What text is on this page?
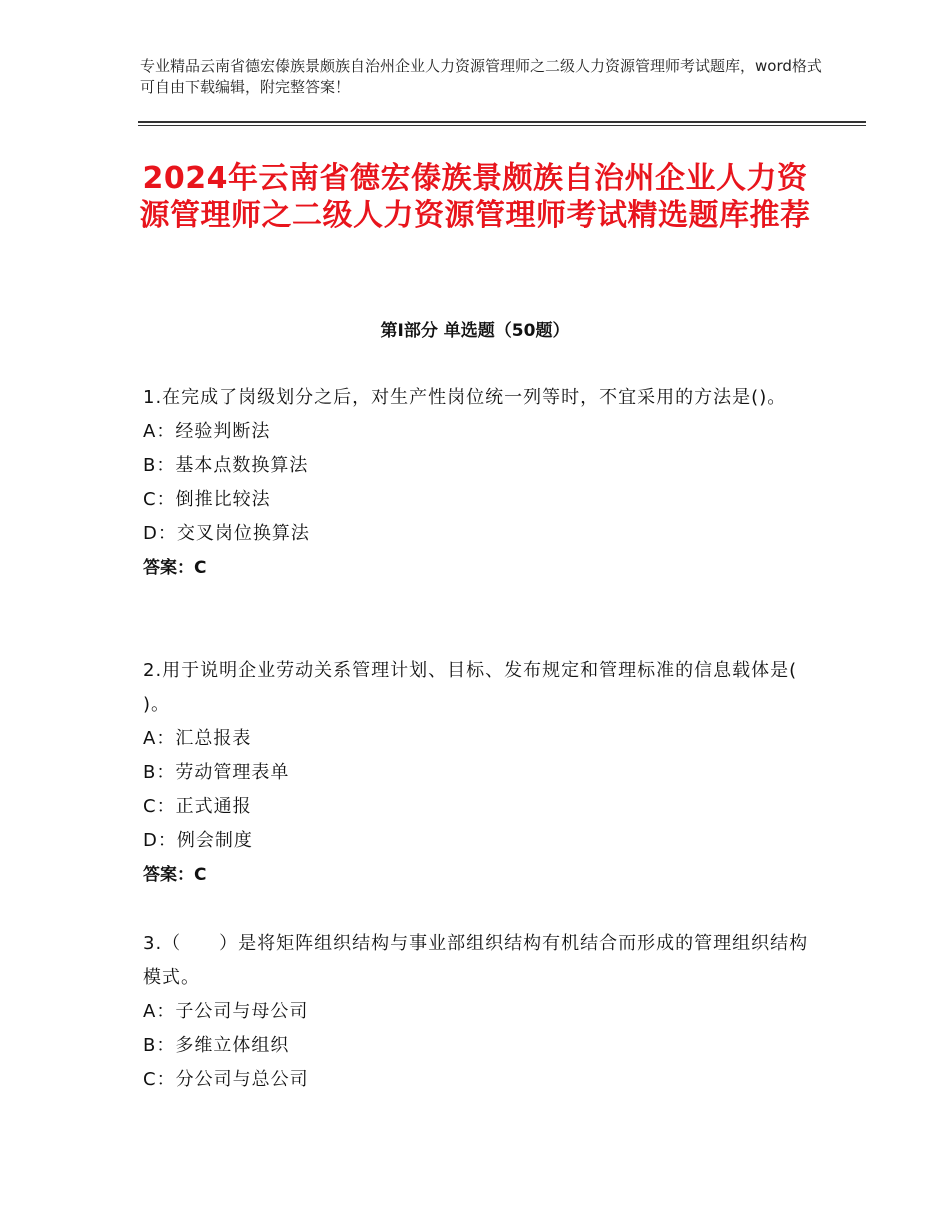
专业精品云南省德宏傣族景颇族自治州企业人力资源管理师之二级人力资源管理师考试题库，word格式可自由下载编辑，附完整答案！
2024年云南省德宏傣族景颇族自治州企业人力资源管理师之二级人力资源管理师考试精选题库推荐
第Ⅰ部分 单选题（50题）

1.在完成了岗级划分之后，对生产性岗位统一列等时，不宜采用的方法是()。

A：经验判断法

B：基本点数换算法

C：倒推比较法

D：交叉岗位换算法

答案：C

2.用于说明企业劳动关系管理计划、目标、发布规定和管理标准的信息载体是( )。

A：汇总报表

B：劳动管理表单

C：正式通报

D：例会制度

答案：C

3.（　　）是将矩阵组织结构与事业部组织结构有机结合而形成的管理组织结构模式。

A：子公司与母公司

B：多维立体组织

C：分公司与总公司
